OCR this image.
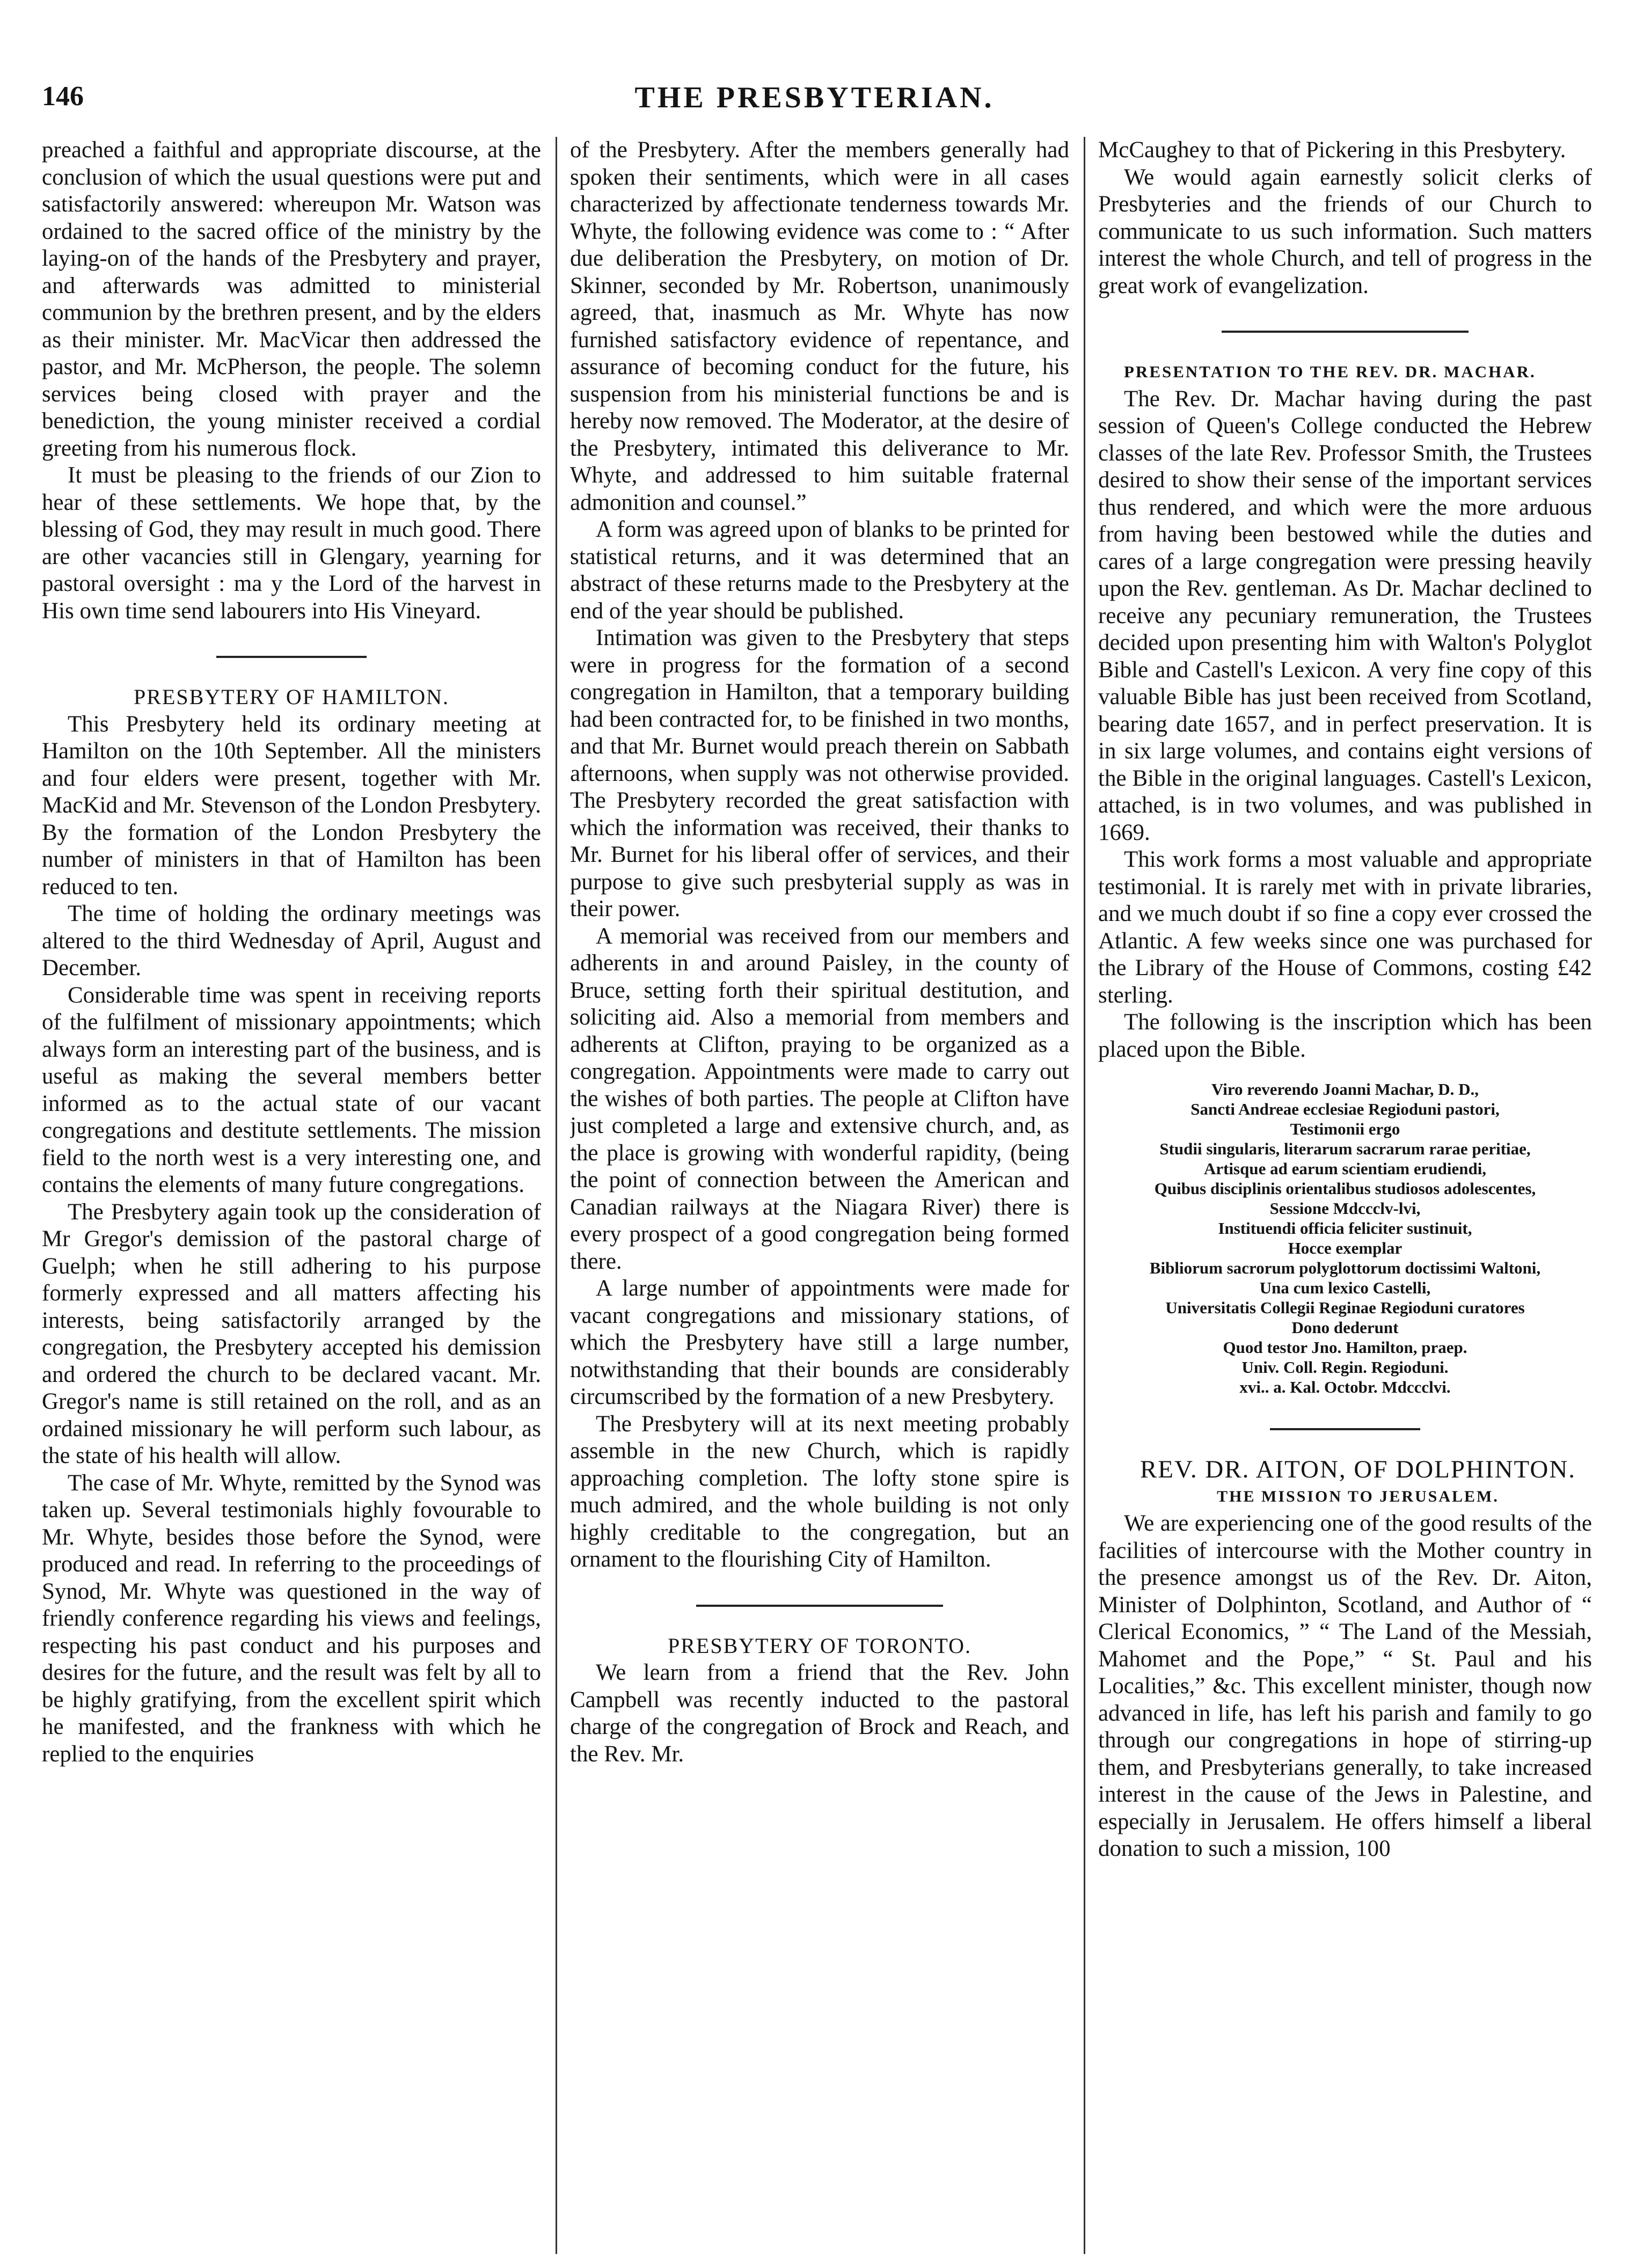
146	THE PRESBYTERIAN.

preached a faithful and appropriate discourse, at the conclusion of which the usual questions were put and satisfactorily answered: whereupon Mr. Watson was ordained to the sacred office of the ministry by the laying-on of the hands of the Presbytery and prayer, and afterwards was admitted to ministerial communion by the brethren present, and by the elders as their minister. Mr. MacVicar then addressed the pastor, and Mr. McPherson, the people. The solemn services being closed with prayer and the benediction, the young minister received a cordial greeting from his numerous flock.

It must be pleasing to the friends of our Zion to hear of these settlements. We hope that, by the blessing of God, they may result in much good. There are other vacancies still in Glengary, yearning for pastoral oversight : ma y the Lord of the harvest in His own time send labourers into His Vineyard.

PRESBYTERY OF HAMILTON.

This Presbytery held its ordinary meeting at Hamilton on the 10th September. All the ministers and four elders were present, together with Mr. MacKid and Mr. Stevenson of the London Presbytery. By the formation of the London Presbytery the number of ministers in that of Hamilton has been reduced to ten.

The time of holding the ordinary meetings was altered to the third Wednesday of April, August and December.

Considerable time was spent in receiving reports of the fulfilment of missionary appointments; which always form an interesting part of the business, and is useful as making the several members better informed as to the actual state of our vacant congregations and destitute settlements. The mission field to the north west is a very interesting one, and contains the elements of many future congregations.

The Presbytery again took up the consideration of Mr Gregor's demission of the pastoral charge of Guelph; when he still adhering to his purpose formerly expressed and all matters affecting his interests, being satisfactorily arranged by the congregation, the Presbytery accepted his demission and ordered the church to be declared vacant. Mr. Gregor's name is still retained on the roll, and as an ordained missionary he will perform such labour, as the state of his health will allow.

The case of Mr. Whyte, remitted by the Synod was taken up. Several testimonials highly fovourable to Mr. Whyte, besides those before the Synod, were produced and read. In referring to the proceedings of Synod, Mr. Whyte was questioned in the way of friendly conference regarding his views and feelings, respecting his past conduct and his purposes and desires for the future, and the result was felt by all to be highly gratifying, from the excellent spirit which he manifested, and the frankness with which he replied to the enquiries

of the Presbytery. After the members generally had spoken their sentiments, which were in all cases characterized by affectionate tenderness towards Mr. Whyte, the following evidence was come to : “ After due deliberation the Presbytery, on motion of Dr. Skinner, seconded by Mr. Robertson, unanimously agreed, that, inasmuch as Mr. Whyte has now furnished satisfactory evidence of repentance, and assurance of becoming conduct for the future, his suspension from his ministerial functions be and is hereby now removed. The Moderator, at the desire of the Presbytery, intimated this deliverance to Mr. Whyte, and addressed to him suitable fraternal admonition and counsel.”

A form was agreed upon of blanks to be printed for statistical returns, and it was determined that an abstract of these returns made to the Presbytery at the end of the year should be published.

Intimation was given to the Presbytery that steps were in progress for the formation of a second congregation in Hamilton, that a temporary building had been contracted for, to be finished in two months, and that Mr. Burnet would preach therein on Sabbath afternoons, when supply was not otherwise provided. The Presbytery recorded the great satisfaction with which the information was received, their thanks to Mr. Burnet for his liberal offer of services, and their purpose to give such presbyterial supply as was in their power.

A memorial was received from our members and adherents in and around Paisley, in the county of Bruce, setting forth their spiritual destitution, and soliciting aid. Also a memorial from members and adherents at Clifton, praying to be organized as a congregation. Appointments were made to carry out the wishes of both parties. The people at Clifton have just completed a large and extensive church, and, as the place is growing with wonderful rapidity, (being the point of connection between the American and Canadian railways at the Niagara River) there is every prospect of a good congregation being formed there.

A large number of appointments were made for vacant congregations and missionary stations, of which the Presbytery have still a large number, notwithstanding that their bounds are considerably circumscribed by the formation of a new Presbytery.

The Presbytery will at its next meeting probably assemble in the new Church, which is rapidly approaching completion. The lofty stone spire is much admired, and the whole building is not only highly creditable to the congregation, but an ornament to the flourishing City of Hamilton.

PRESBYTERY OF TORONTO.

We learn from a friend that the Rev. John Campbell was recently inducted to the pastoral charge of the congregation of Brock and Reach, and the Rev. Mr.

McCaughey to that of Pickering in this Presbytery.

We would again earnestly solicit clerks of Presbyteries and the friends of our Church to communicate to us such information. Such matters interest the whole Church, and tell of progress in the great work of evangelization.

PRESENTATION TO THE REV. DR. MACHAR.

The Rev. Dr. Machar having during the past session of Queen's College conducted the Hebrew classes of the late Rev. Professor Smith, the Trustees desired to show their sense of the important services thus rendered, and which were the more arduous from having been bestowed while the duties and cares of a large congregation were pressing heavily upon the Rev. gentleman. As Dr. Machar declined to receive any pecuniary remuneration, the Trustees decided upon presenting him with Walton's Polyglot Bible and Castell's Lexicon. A very fine copy of this valuable Bible has just been received from Scotland, bearing date 1657, and in perfect preservation. It is in six large volumes, and contains eight versions of the Bible in the original languages. Castell's Lexicon, attached, is in two volumes, and was published in 1669.

This work forms a most valuable and appropriate testimonial. It is rarely met with in private libraries, and we much doubt if so fine a copy ever crossed the Atlantic. A few weeks since one was purchased for the Library of the House of Commons, costing £42 sterling.

The following is the inscription which has been placed upon the Bible.

Viro reverendo Joanni Machar, D. D.,
Sancti Andreae ecclesiae Regioduni pastori,
Testimonii ergo
Studii singularis, literarum sacrarum rarae peritiae,
Artisque ad earum scientiam erudiendi,
Quibus disciplinis orientalibus studiosos adolescentes,
Sessione Mdccclv-lvi,
Instituendi officia feliciter sustinuit,
Hocce exemplar
Bibliorum sacrorum polyglottorum doctissimi Waltoni,
Una cum lexico Castelli,
Universitatis Collegii Reginae Regioduni curatores
Dono dederunt
Quod testor Jno. Hamilton, praep.
Univ. Coll. Regin. Regioduni.
xvi.. a. Kal. Octobr. Mdccclvi.

REV. DR. AITON, OF DOLPHINTON.

THE MISSION TO JERUSALEM.

We are experiencing one of the good results of the facilities of intercourse with the Mother country in the presence amongst us of the Rev. Dr. Aiton, Minister of Dolphinton, Scotland, and Author of “ Clerical Economics, ” “ The Land of the Messiah, Mahomet and the Pope,” “ St. Paul and his Localities,” &c. This excellent minister, though now advanced in life, has left his parish and family to go through our congregations in hope of stirring-up them, and Presbyterians generally, to take increased interest in the cause of the Jews in Palestine, and especially in Jerusalem. He offers himself a liberal donation to such a mission, 100
